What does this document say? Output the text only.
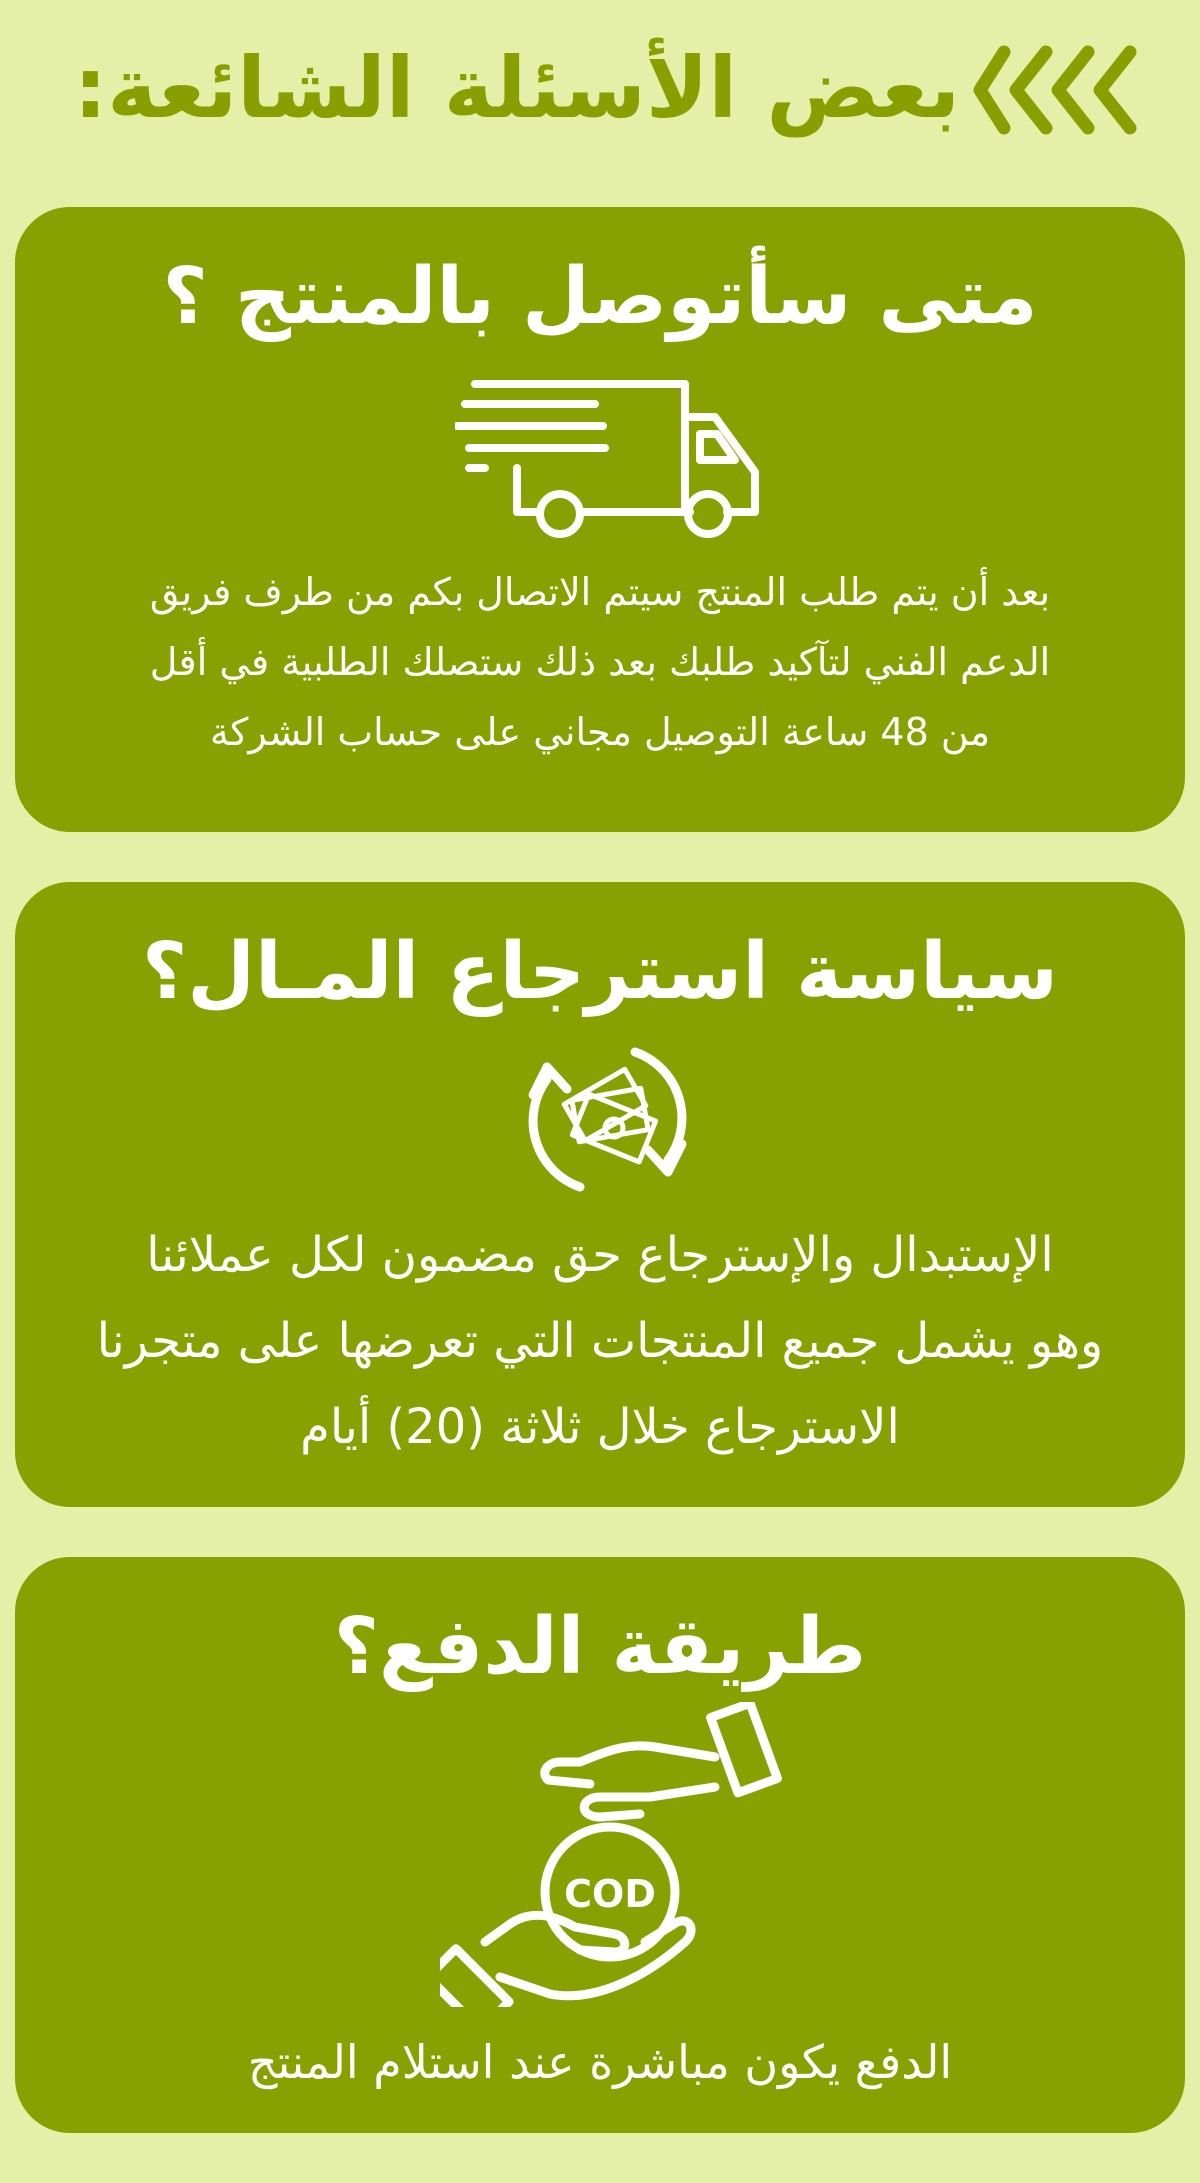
بعض الأسئلة الشائعة:
متى سأتوصل بالمنتج ؟

بعد أن يتم طلب المنتج سيتم الاتصال بكم من طرف فريق
الدعم الفني لتآكيد طلبك بعد ذلك ستصلك الطلبية في أقل
من 48 ساعة التوصيل مجاني على حساب الشركة

سياسة استرجاع المـال؟

الإستبدال والإسترجاع حق مضمون لكل عملائنا
وهو يشمل جميع المنتجات التي تعرضها على متجرنا
الاسترجاع خلال ثلاثة (20) أيام

طريقة الدفع؟
COD

الدفع يكون مباشرة عند استلام المنتج
